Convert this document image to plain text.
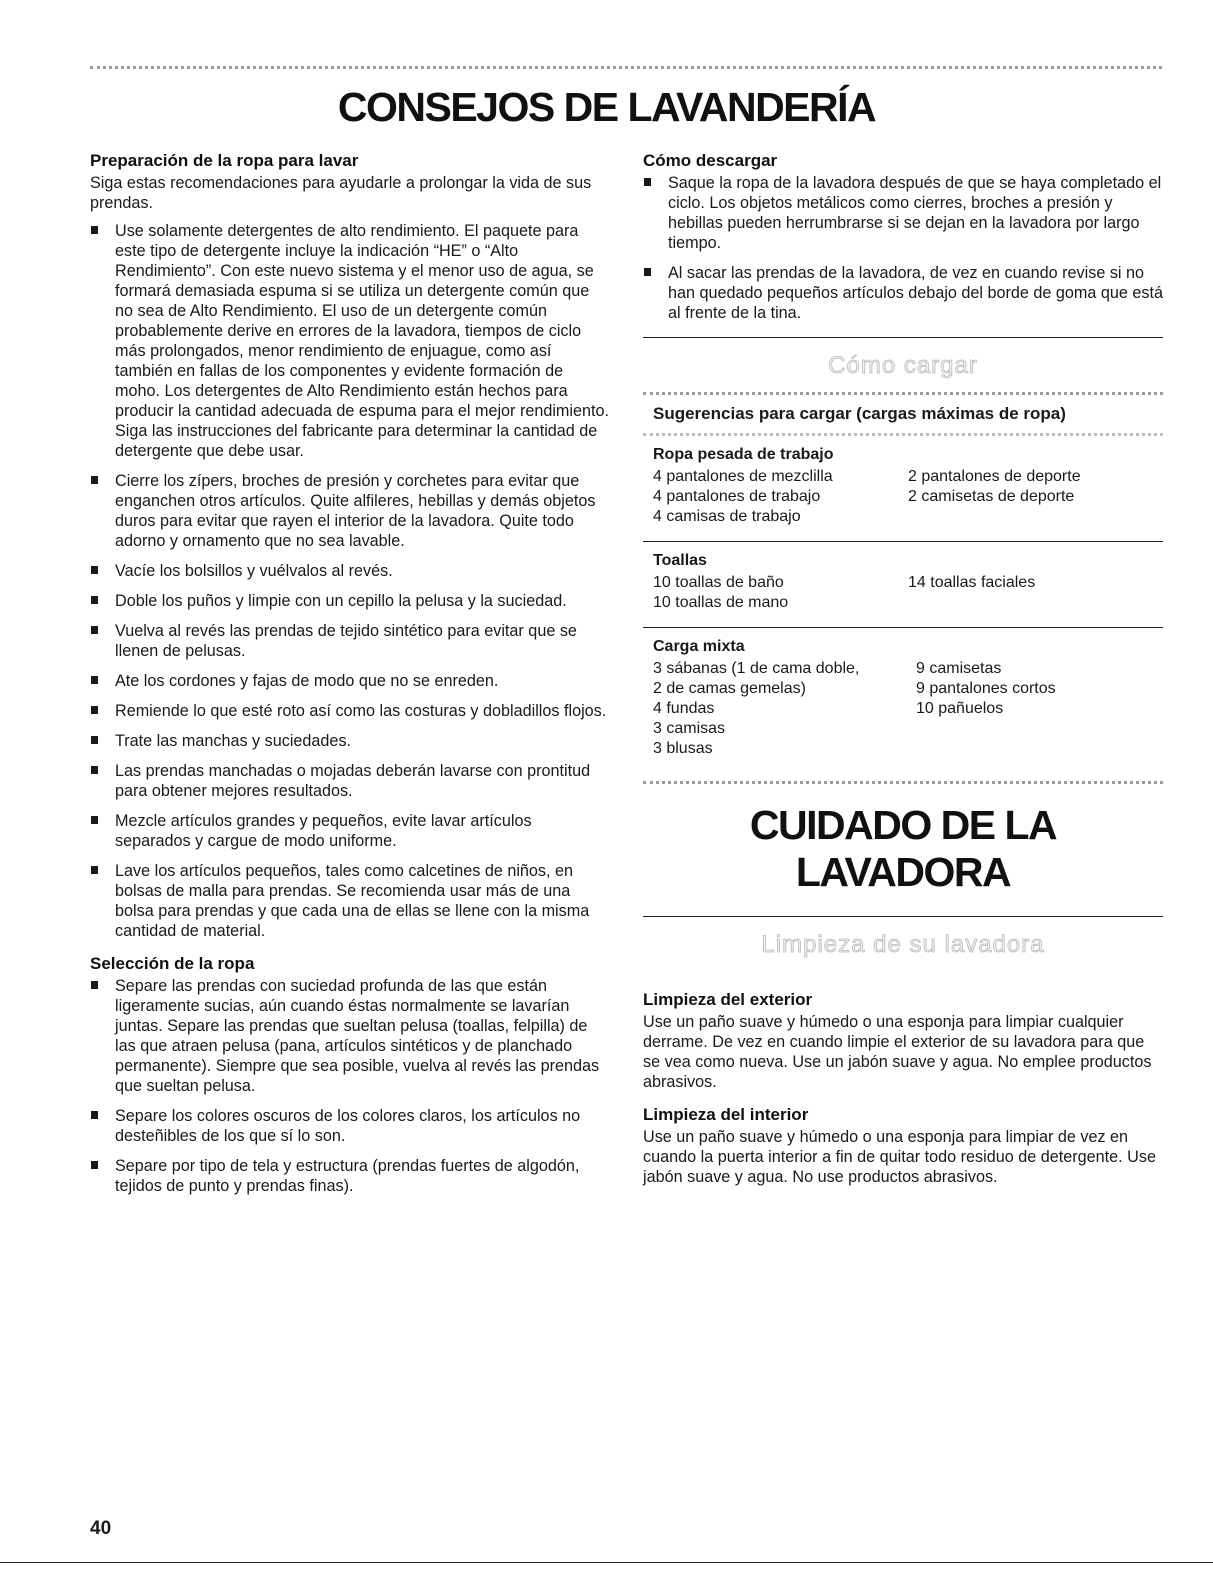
CONSEJOS DE LAVANDERÍA
Preparación de la ropa para lavar

Siga estas recomendaciones para ayudarle a prolongar la vida de sus prendas.

Use solamente detergentes de alto rendimiento. El paquete para este tipo de detergente incluye la indicación “HE” o “Alto Rendimiento”. Con este nuevo sistema y el menor uso de agua, se formará demasiada espuma si se utiliza un detergente común que no sea de Alto Rendimiento. El uso de un detergente común probablemente derive en errores de la lavadora, tiempos de ciclo más prolongados, menor rendimiento de enjuague, como así también en fallas de los componentes y evidente formación de moho. Los detergentes de Alto Rendimiento están hechos para producir la cantidad adecuada de espuma para el mejor rendimiento. Siga las instrucciones del fabricante para determinar la cantidad de detergente que debe usar.
Cierre los zípers, broches de presión y corchetes para evitar que enganchen otros artículos. Quite alfileres, hebillas y demás objetos duros para evitar que rayen el interior de la lavadora. Quite todo adorno y ornamento que no sea lavable.
Vacíe los bolsillos y vuélvalos al revés.
Doble los puños y limpie con un cepillo la pelusa y la suciedad.
Vuelva al revés las prendas de tejido sintético para evitar que se llenen de pelusas.
Ate los cordones y fajas de modo que no se enreden.
Remiende lo que esté roto así como las costuras y dobladillos flojos.
Trate las manchas y suciedades.
Las prendas manchadas o mojadas deberán lavarse con prontitud para obtener mejores resultados.
Mezcle artículos grandes y pequeños, evite lavar artículos separados y cargue de modo uniforme.
Lave los artículos pequeños, tales como calcetines de niños, en bolsas de malla para prendas. Se recomienda usar más de una bolsa para prendas y que cada una de ellas se llene con la misma cantidad de material.
Selección de la ropa
Separe las prendas con suciedad profunda de las que están ligeramente sucias, aún cuando éstas normalmente se lavarían juntas. Separe las prendas que sueltan pelusa (toallas, felpilla) de las que atraen pelusa (pana, artículos sintéticos y de planchado permanente). Siempre que sea posible, vuelva al revés las prendas que sueltan pelusa.
Separe los colores oscuros de los colores claros, los artículos no desteñibles de los que sí lo son.
Separe por tipo de tela y estructura (prendas fuertes de algodón, tejidos de punto y prendas finas).
Cómo descargar
Saque la ropa de la lavadora después de que se haya completado el ciclo. Los objetos metálicos como cierres, broches a presión y hebillas pueden herrumbrarse si se dejan en la lavadora por largo tiempo.
Al sacar las prendas de la lavadora, de vez en cuando revise si no han quedado pequeños artículos debajo del borde de goma que está al frente de la tina.

Cómo cargar

Sugerencias para cargar (cargas máximas de ropa)

Ropa pesada de trabajo
4 pantalones de mezclilla
4 pantalones de trabajo
4 camisas de trabajo
2 pantalones de deporte
2 camisetas de deporte
Toallas
10 toallas de baño
10 toallas de mano
14 toallas faciales
Carga mixta
3 sábanas (1 de cama doble,
2 de camas gemelas)
4 fundas
3 camisas
3 blusas
9 camisetas
9 pantalones cortos
10 pañuelos
CUIDADO DE LA LAVADORA

Limpieza de su lavadora

Limpieza del exterior

Use un paño suave y húmedo o una esponja para limpiar cualquier derrame. De vez en cuando limpie el exterior de su lavadora para que se vea como nueva. Use un jabón suave y agua. No emplee productos abrasivos.

Limpieza del interior

Use un paño suave y húmedo o una esponja para limpiar de vez en cuando la puerta interior a fin de quitar todo residuo de detergente. Use jabón suave y agua. No use productos abrasivos.

40
